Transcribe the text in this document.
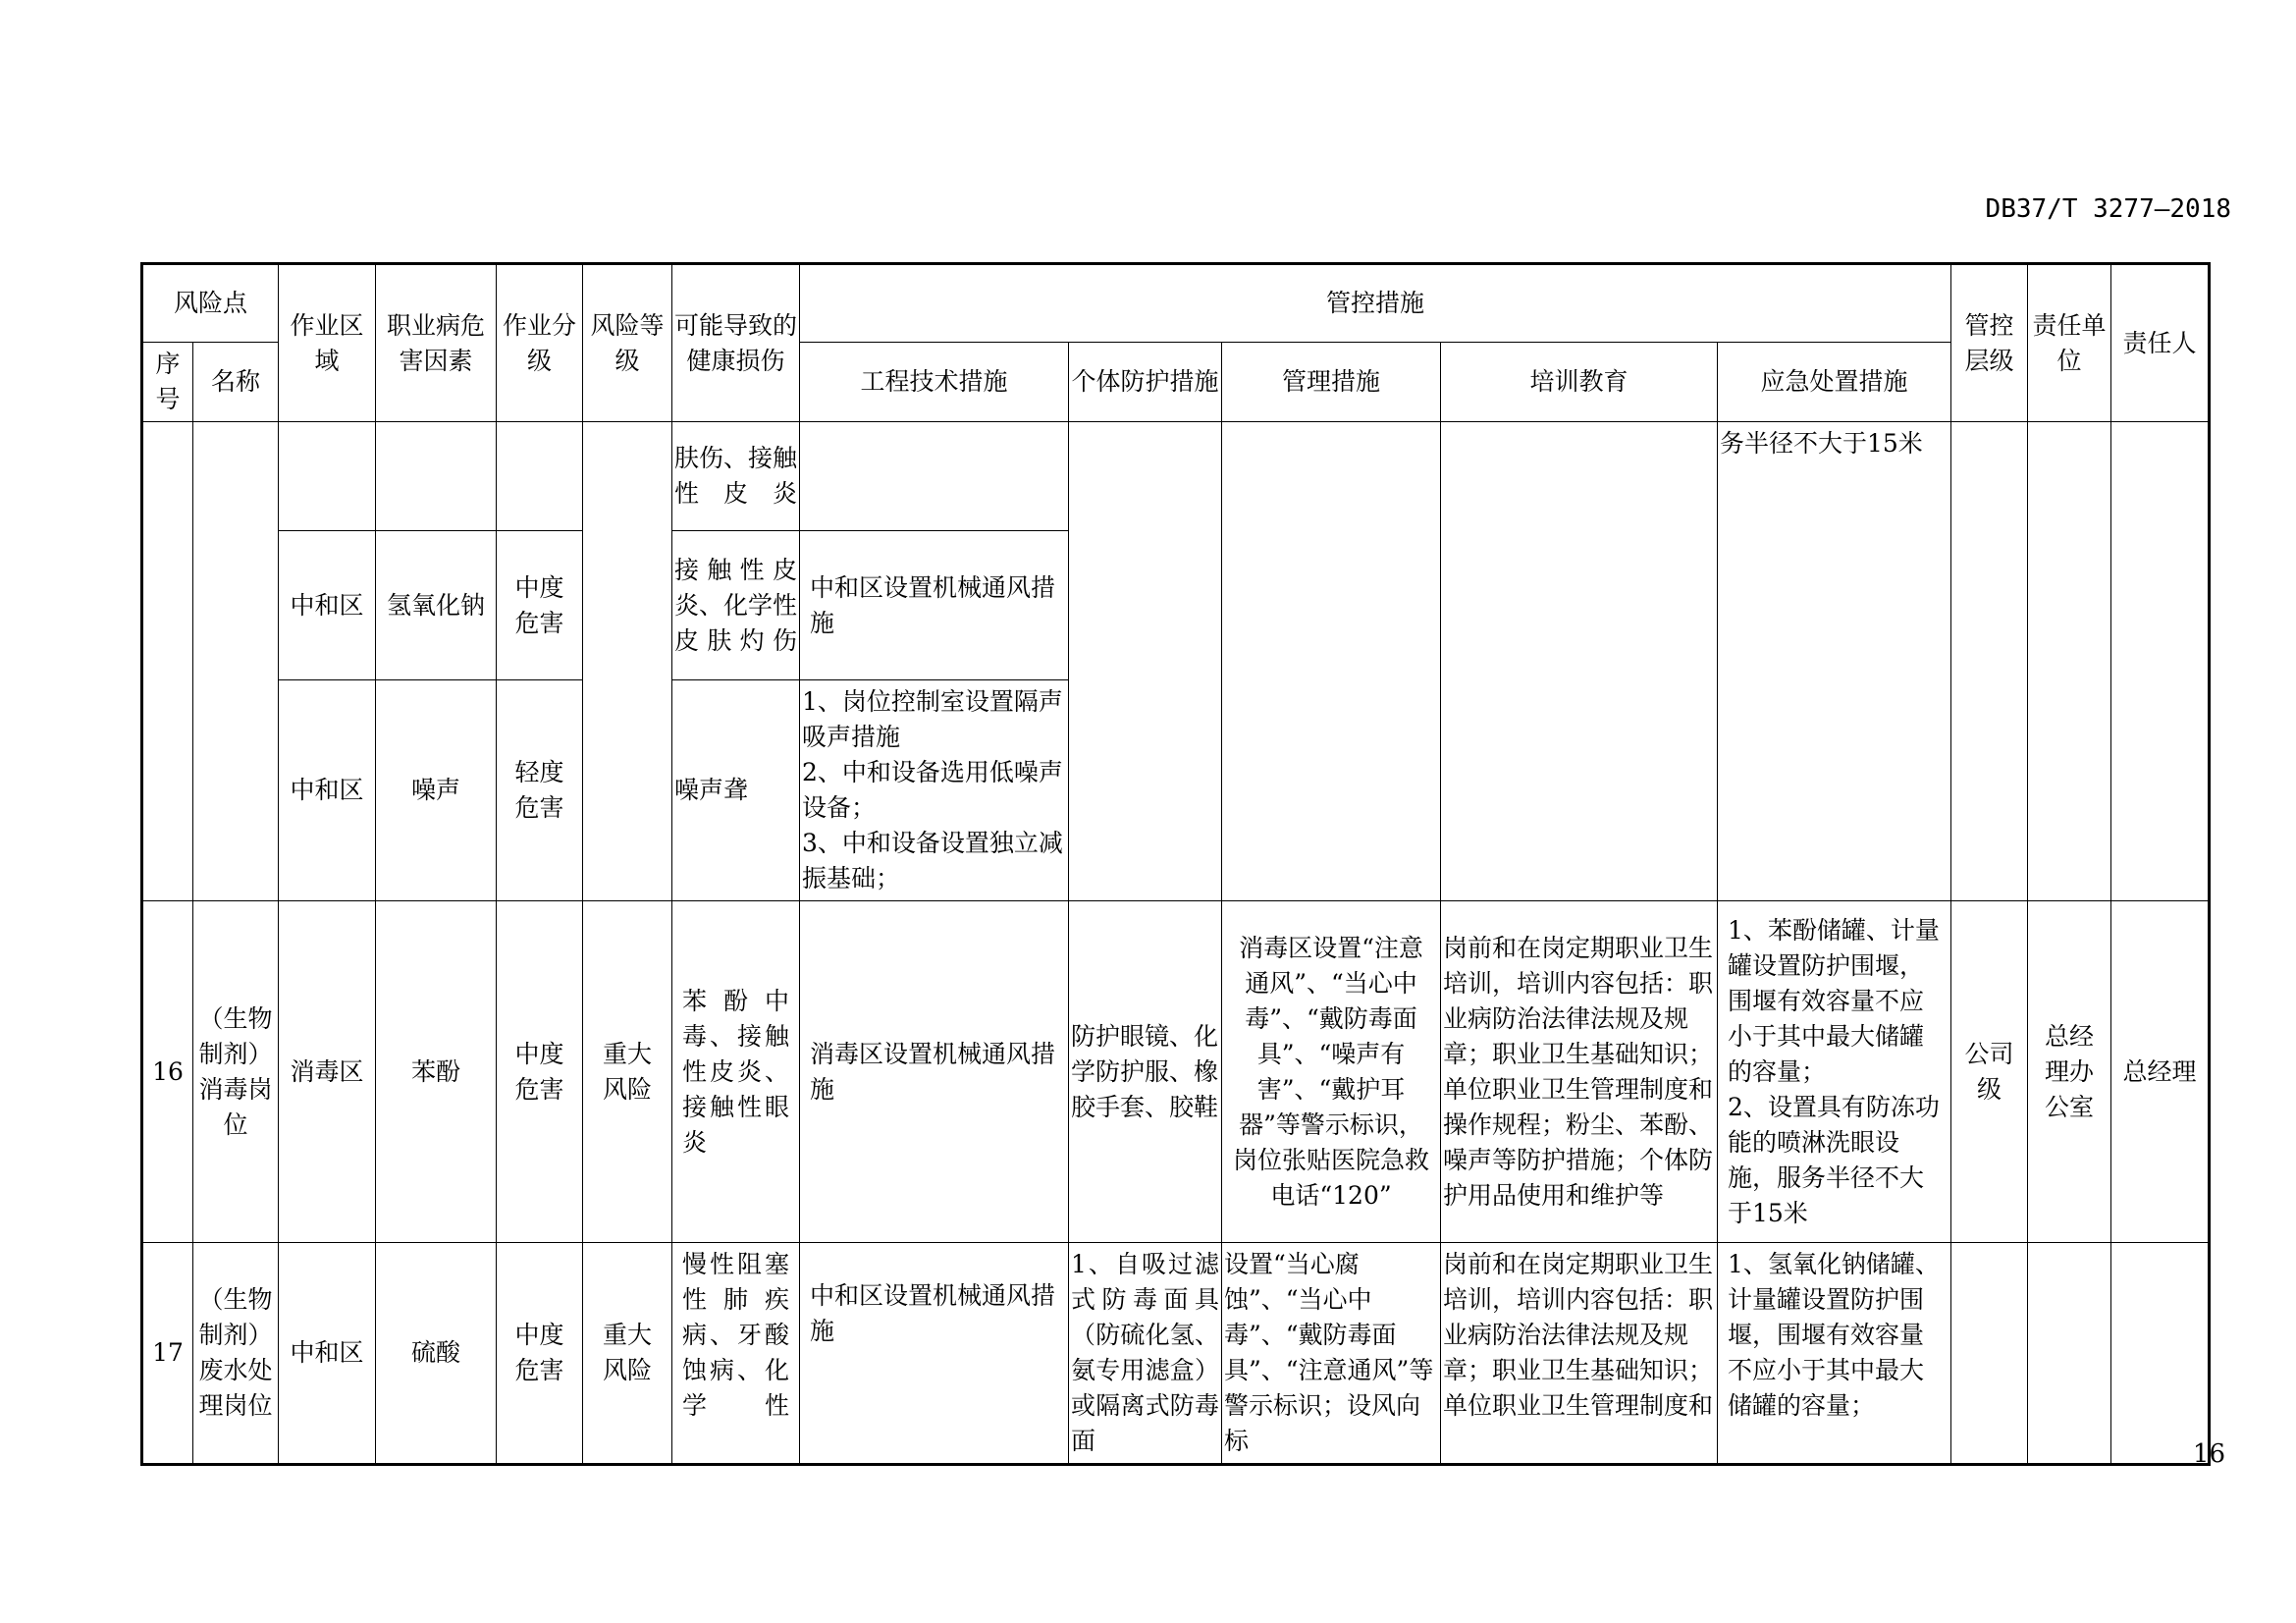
DB37/T 3277—2018
风险点		作业区域	职业病危害因素	作业分级	风险等级	可能导致的健康损伤	管控措施					管控层级	责任单位	责任人
序号	名称						工程技术措施	个体防护措施	管理措施	培训教育	应急处置措施			
						肤伤、接触性皮炎					务半径不大于15米			
		中和区	氢氧化钠	中度危害		接触性皮炎、化学性皮肤灼伤	中和区设置机械通风措施							
		中和区	噪声	轻度危害		噪声聋	1、岗位控制室设置隔声吸声措施
2、中和设备选用低噪声设备；
3、中和设备设置独立减振基础；							
16	（生物制剂）消毒岗位	消毒区	苯酚	中度危害	重大风险	苯酚中毒、接触性皮炎、接触性眼炎	消毒区设置机械通风措施	防护眼镜、化学防护服、橡胶手套、胶鞋	消毒区设置“注意通风”、“当心中毒”、“戴防毒面具”、“噪声有害”、“戴护耳器”等警示标识，岗位张贴医院急救电话“120”	岗前和在岗定期职业卫生培训，培训内容包括：职业病防治法律法规及规章；职业卫生基础知识；单位职业卫生管理制度和操作规程；粉尘、苯酚、噪声等防护措施；个体防护用品使用和维护等	1、苯酚储罐、计量罐设置防护围堰，围堰有效容量不应小于其中最大储罐的容量；
2、设置具有防冻功能的喷淋洗眼设施，服务半径不大于15米	公司级	总经理办公室	总经理
17	（生物制剂）废水处理岗位	中和区	硫酸	中度危害	重大风险	慢性阻塞性肺疾病、牙酸蚀病、化学性	中和区设置机械通风措施	1、自吸过滤式防毒面具（防硫化氢、氨专用滤盒）或隔离式防毒面	设置“当心腐蚀”、“当心中毒”、“戴防毒面具”、“注意通风”等警示标识；设风向标	岗前和在岗定期职业卫生培训，培训内容包括：职业病防治法律法规及规章；职业卫生基础知识；单位职业卫生管理制度和	1、氢氧化钠储罐、计量罐设置防护围堰，围堰有效容量不应小于其中最大储罐的容量；			
16
